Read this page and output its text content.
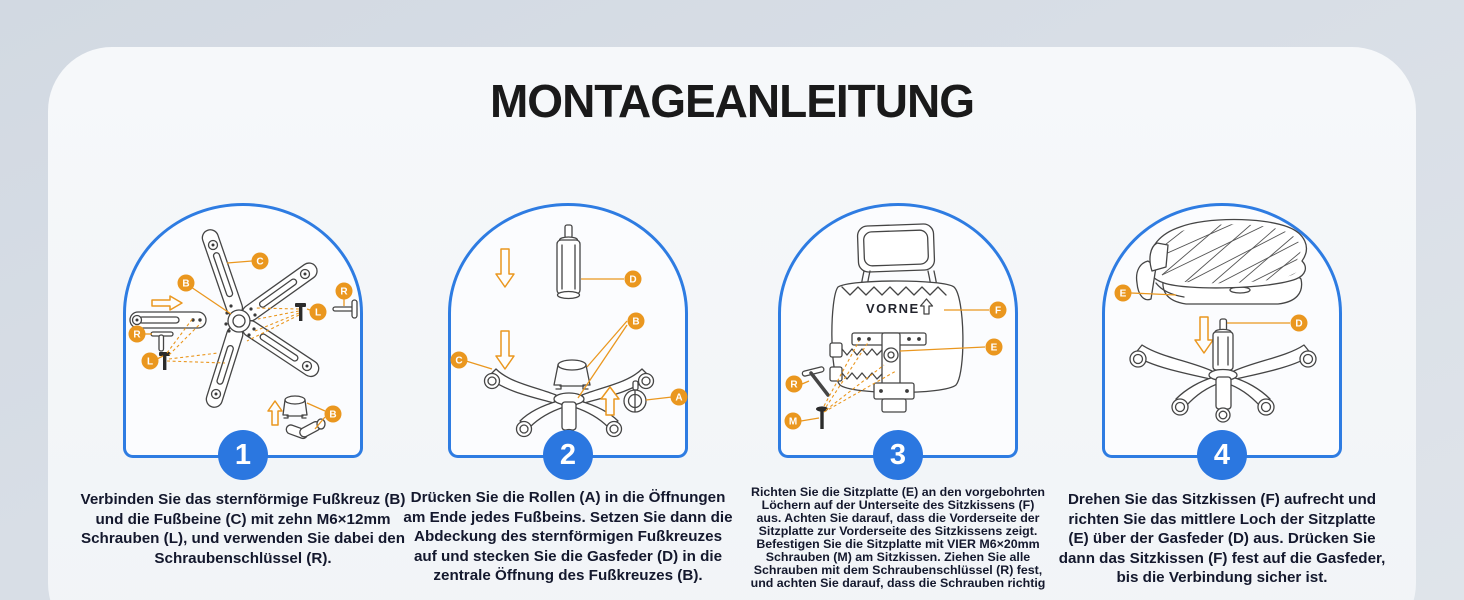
MONTAGEANLEITUNG
C
B
R
L
R
L
B
1
D
B
C
A
2
VORNE	F
E
R
M
3
E
D
4

Verbinden Sie das sternförmige Fußkreuz (B) und die Fußbeine (C) mit zehn M6×12mm Schrauben (L), und verwenden Sie dabei den Schraubenschlüssel (R).

Drücken Sie die Rollen (A) in die Öffnungen am Ende jedes Fußbeins. Setzen Sie dann die Abdeckung des sternförmigen Fußkreuzes auf und stecken Sie die Gasfeder (D) in die zentrale Öffnung des Fußkreuzes (B).

Richten Sie die Sitzplatte (E) an den vorgebohrten Löchern auf der Unterseite des Sitzkissens (F) aus. Achten Sie darauf, dass die Vorderseite der Sitzplatte zur Vorderseite des Sitzkissens zeigt. Befestigen Sie die Sitzplatte mit VIER M6×20mm Schrauben (M) am Sitzkissen. Ziehen Sie alle Schrauben mit dem Schraubenschlüssel (R) fest, und achten Sie darauf, dass die Schrauben richtig

Drehen Sie das Sitzkissen (F) aufrecht und richten Sie das mittlere Loch der Sitzplatte (E) über der Gasfeder (D) aus. Drücken Sie dann das Sitzkissen (F) fest auf die Gasfeder, bis die Verbindung sicher ist.
